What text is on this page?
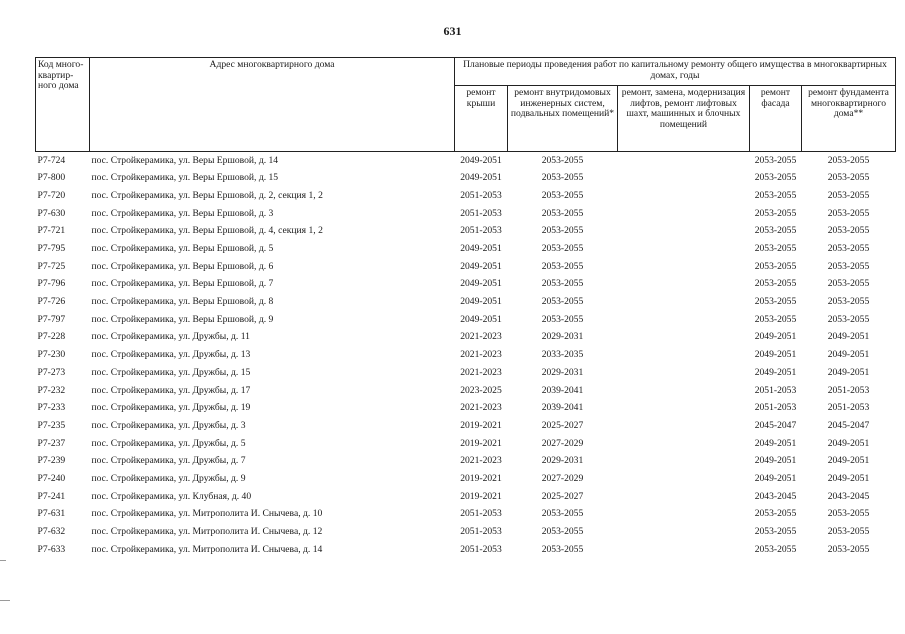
631
Код много-квартир-ного дома	Адрес многоквартирного дома	Плановые периоды проведения работ по капитальному ремонту общего имущества в многоквартирных домах, годы				
		ремонт крыши	ремонт внутридомовых инженерных систем, подвальных помещений*	ремонт, замена, модернизация лифтов, ремонт лифтовых шахт, машинных и блочных помещений	ремонт фасада	ремонт фундамента многоквартирного дома**
Р7-724	пос. Стройкерамика, ул. Веры Ершовой, д. 14	2049-2051	2053-2055		2053-2055	2053-2055
Р7-800	пос. Стройкерамика, ул. Веры Ершовой, д. 15	2049-2051	2053-2055		2053-2055	2053-2055
Р7-720	пос. Стройкерамика, ул. Веры Ершовой, д. 2, секция 1, 2	2051-2053	2053-2055		2053-2055	2053-2055
Р7-630	пос. Стройкерамика, ул. Веры Ершовой, д. 3	2051-2053	2053-2055		2053-2055	2053-2055
Р7-721	пос. Стройкерамика, ул. Веры Ершовой, д. 4, секция 1, 2	2051-2053	2053-2055		2053-2055	2053-2055
Р7-795	пос. Стройкерамика, ул. Веры Ершовой, д. 5	2049-2051	2053-2055		2053-2055	2053-2055
Р7-725	пос. Стройкерамика, ул. Веры Ершовой, д. 6	2049-2051	2053-2055		2053-2055	2053-2055
Р7-796	пос. Стройкерамика, ул. Веры Ершовой, д. 7	2049-2051	2053-2055		2053-2055	2053-2055
Р7-726	пос. Стройкерамика, ул. Веры Ершовой, д. 8	2049-2051	2053-2055		2053-2055	2053-2055
Р7-797	пос. Стройкерамика, ул. Веры Ершовой, д. 9	2049-2051	2053-2055		2053-2055	2053-2055
Р7-228	пос. Стройкерамика, ул. Дружбы, д. 11	2021-2023	2029-2031		2049-2051	2049-2051
Р7-230	пос. Стройкерамика, ул. Дружбы, д. 13	2021-2023	2033-2035		2049-2051	2049-2051
Р7-273	пос. Стройкерамика, ул. Дружбы, д. 15	2021-2023	2029-2031		2049-2051	2049-2051
Р7-232	пос. Стройкерамика, ул. Дружбы, д. 17	2023-2025	2039-2041		2051-2053	2051-2053
Р7-233	пос. Стройкерамика, ул. Дружбы, д. 19	2021-2023	2039-2041		2051-2053	2051-2053
Р7-235	пос. Стройкерамика, ул. Дружбы, д. 3	2019-2021	2025-2027		2045-2047	2045-2047
Р7-237	пос. Стройкерамика, ул. Дружбы, д. 5	2019-2021	2027-2029		2049-2051	2049-2051
Р7-239	пос. Стройкерамика, ул. Дружбы, д. 7	2021-2023	2029-2031		2049-2051	2049-2051
Р7-240	пос. Стройкерамика, ул. Дружбы, д. 9	2019-2021	2027-2029		2049-2051	2049-2051
Р7-241	пос. Стройкерамика, ул. Клубная, д. 40	2019-2021	2025-2027		2043-2045	2043-2045
Р7-631	пос. Стройкерамика, ул. Митрополита И. Снычева, д. 10	2051-2053	2053-2055		2053-2055	2053-2055
Р7-632	пос. Стройкерамика, ул. Митрополита И. Снычева, д. 12	2051-2053	2053-2055		2053-2055	2053-2055
Р7-633	пос. Стройкерамика, ул. Митрополита И. Снычева, д. 14	2051-2053	2053-2055		2053-2055	2053-2055
